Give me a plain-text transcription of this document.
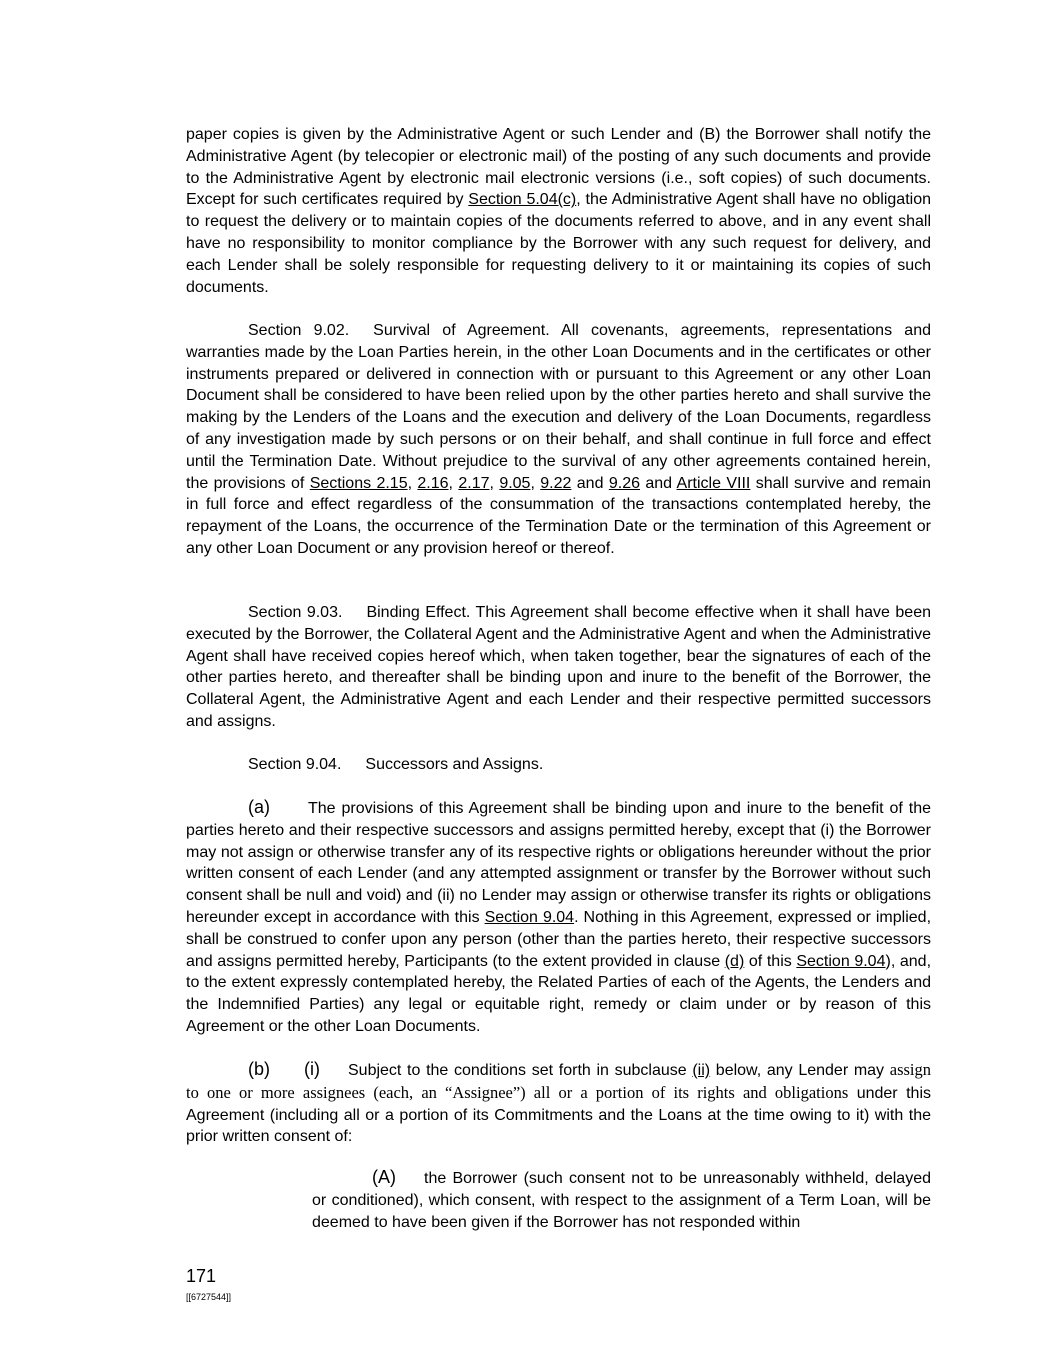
paper copies is given by the Administrative Agent or such Lender and (B) the Borrower shall notify the Administrative Agent (by telecopier or electronic mail) of the posting of any such documents and provide to the Administrative Agent by electronic mail electronic versions (i.e., soft copies) of such documents. Except for such certificates required by Section 5.04(c), the Administrative Agent shall have no obligation to request the delivery or to maintain copies of the documents referred to above, and in any event shall have no responsibility to monitor compliance by the Borrower with any such request for delivery, and each Lender shall be solely responsible for requesting delivery to it or maintaining its copies of such documents.
Section 9.02. Survival of Agreement. All covenants, agreements, representations and warranties made by the Loan Parties herein, in the other Loan Documents and in the certificates or other instruments prepared or delivered in connection with or pursuant to this Agreement or any other Loan Document shall be considered to have been relied upon by the other parties hereto and shall survive the making by the Lenders of the Loans and the execution and delivery of the Loan Documents, regardless of any investigation made by such persons or on their behalf, and shall continue in full force and effect until the Termination Date. Without prejudice to the survival of any other agreements contained herein, the provisions of Sections 2.15, 2.16, 2.17, 9.05, 9.22 and 9.26 and Article VIII shall survive and remain in full force and effect regardless of the consummation of the transactions contemplated hereby, the repayment of the Loans, the occurrence of the Termination Date or the termination of this Agreement or any other Loan Document or any provision hereof or thereof.
Section 9.03. Binding Effect. This Agreement shall become effective when it shall have been executed by the Borrower, the Collateral Agent and the Administrative Agent and when the Administrative Agent shall have received copies hereof which, when taken together, bear the signatures of each of the other parties hereto, and thereafter shall be binding upon and inure to the benefit of the Borrower, the Collateral Agent, the Administrative Agent and each Lender and their respective permitted successors and assigns.
Section 9.04. Successors and Assigns.
(a) The provisions of this Agreement shall be binding upon and inure to the benefit of the parties hereto and their respective successors and assigns permitted hereby, except that (i) the Borrower may not assign or otherwise transfer any of its respective rights or obligations hereunder without the prior written consent of each Lender (and any attempted assignment or transfer by the Borrower without such consent shall be null and void) and (ii) no Lender may assign or otherwise transfer its rights or obligations hereunder except in accordance with this Section 9.04. Nothing in this Agreement, expressed or implied, shall be construed to confer upon any person (other than the parties hereto, their respective successors and assigns permitted hereby, Participants (to the extent provided in clause (d) of this Section 9.04), and, to the extent expressly contemplated hereby, the Related Parties of each of the Agents, the Lenders and the Indemnified Parties) any legal or equitable right, remedy or claim under or by reason of this Agreement or the other Loan Documents.
(b) (i) Subject to the conditions set forth in subclause (ii) below, any Lender may assign to one or more assignees (each, an “Assignee”) all or a portion of its rights and obligations under this Agreement (including all or a portion of its Commitments and the Loans at the time owing to it) with the prior written consent of:
(A) the Borrower (such consent not to be unreasonably withheld, delayed or conditioned), which consent, with respect to the assignment of a Term Loan, will be deemed to have been given if the Borrower has not responded within
171
[[6727544]]
